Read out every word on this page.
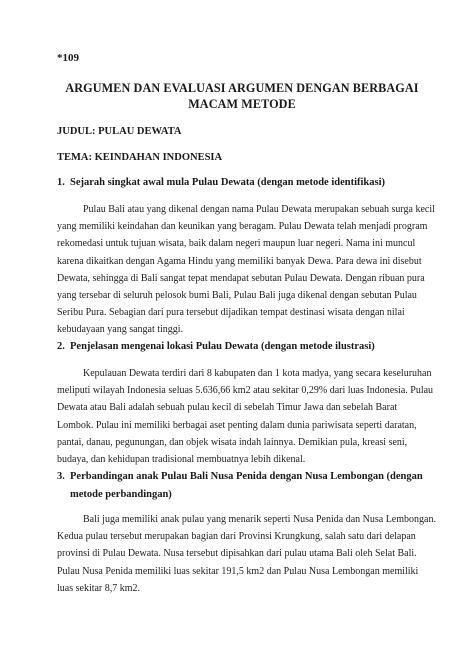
*109
ARGUMEN DAN EVALUASI ARGUMEN DENGAN BERBAGAI
MACAM METODE
JUDUL: PULAU DEWATA
TEMA: KEINDAHAN INDONESIA
1. Sejarah singkat awal mula Pulau Dewata (dengan metode identifikasi)
Pulau Bali atau yang dikenal dengan nama Pulau Dewata merupakan sebuah surga kecil
yang memiliki keindahan dan keunikan yang beragam. Pulau Dewata telah menjadi program
rekomedasi untuk tujuan wisata, baik dalam negeri maupun luar negeri. Nama ini muncul
karena dikaitkan dengan Agama Hindu yang memiliki banyak Dewa. Para dewa ini disebut
Dewata, sehingga di Bali sangat tepat mendapat sebutan Pulau Dewata. Dengan ribuan pura
yang tersebar di seluruh pelosok bumi Bali, Pulau Bali juga dikenal dengan sebutan Pulau
Seribu Pura. Sebagian dari pura tersebut dijadikan tempat destinasi wisata dengan nilai
kebudayaan yang sangat tinggi.
2. Penjelasan mengenai lokasi Pulau Dewata (dengan metode ilustrasi)
Kepulauan Dewata terdiri dari 8 kabupaten dan 1 kota madya, yang secara keseluruhan
meliputi wilayah Indonesia seluas 5.636,66 km2 atau sekitar 0,29% dari luas Indonesia. Pulau
Dewata atau Bali adalah sebuah pulau kecil di sebelah Timur Jawa dan sebelah Barat
Lombok. Pulau ini memiliki berbagai aset penting dalam dunia pariwisata seperti daratan,
pantai, danau, pegunungan, dan objek wisata indah lainnya. Demikian pula, kreasi seni,
budaya, dan kehidupan tradisional membuatnya lebih dikenal.
3. Perbandingan anak Pulau Bali Nusa Penida dengan Nusa Lembongan (dengan
metode perbandingan)
Bali juga memiliki anak pulau yang menarik seperti Nusa Penida dan Nusa Lembongan.
Kedua pulau tersebut merupakan bagian dari Provinsi Krungkung, salah satu dari delapan
provinsi di Pulau Dewata. Nusa tersebut dipisahkan dari pulau utama Bali oleh Selat Bali.
Pulau Nusa Penida memiliki luas sekitar 191,5 km2 dan Pulau Nusa Lembongan memiliki
luas sekitar 8,7 km2.
